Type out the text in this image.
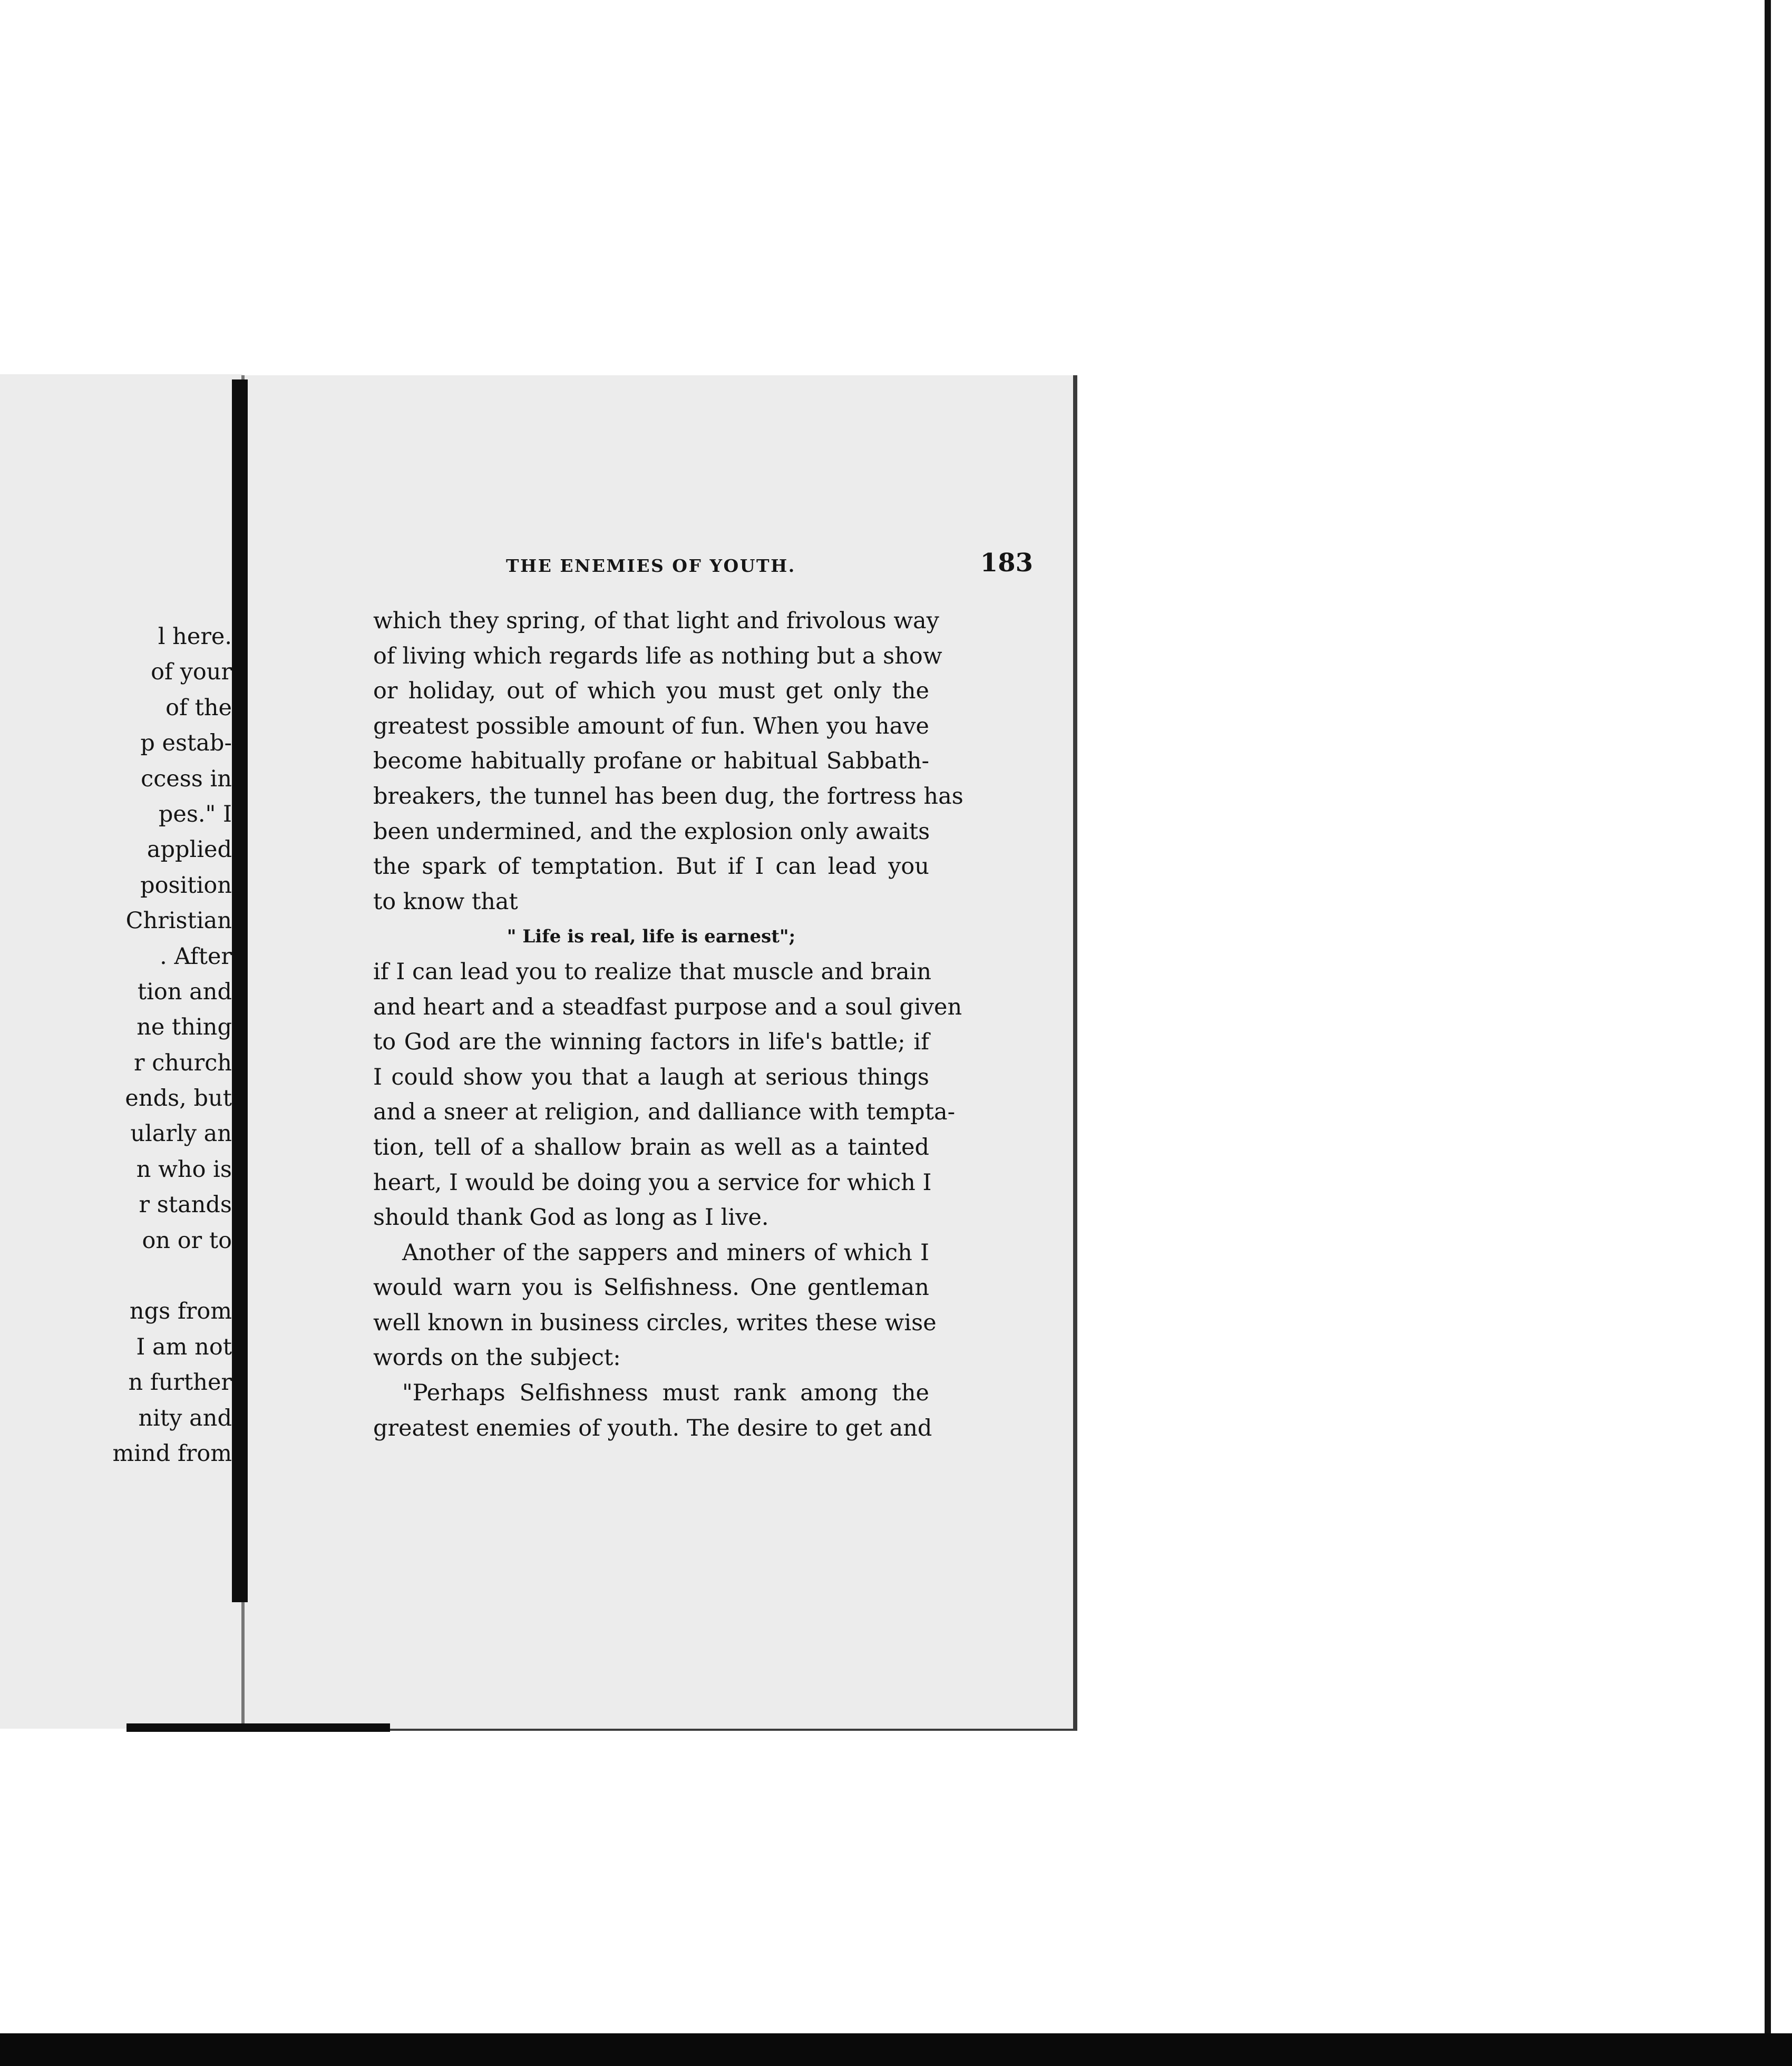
l here.
of your
of the
p estab-
ccess in
pes." I
applied
position
Christian
. After
tion and
ne thing
r church
ends, but
ularly an
n who is
r stands
on or to
ngs from
I am not
n further
nity and
mind from
THE ENEMIES OF YOUTH.	183
which they spring, of that light and frivolous way
of living which regards life as nothing but a show
or holiday, out of which you must get only the
greatest possible amount of fun. When you have
become habitually profane or habitual Sabbath-
breakers, the tunnel has been dug, the fortress has
been undermined, and the explosion only awaits
the spark of temptation. But if I can lead you
to know that
" Life is real, life is earnest";
if I can lead you to realize that muscle and brain
and heart and a steadfast purpose and a soul given
to God are the winning factors in life's battle; if
I could show you that a laugh at serious things
and a sneer at religion, and dalliance with tempta-
tion, tell of a shallow brain as well as a tainted
heart, I would be doing you a service for which I
should thank God as long as I live.
Another of the sappers and miners of which I
would warn you is Selfishness. One gentleman
well known in business circles, writes these wise
words on the subject:
"Perhaps Selfishness must rank among the
greatest enemies of youth. The desire to get and
